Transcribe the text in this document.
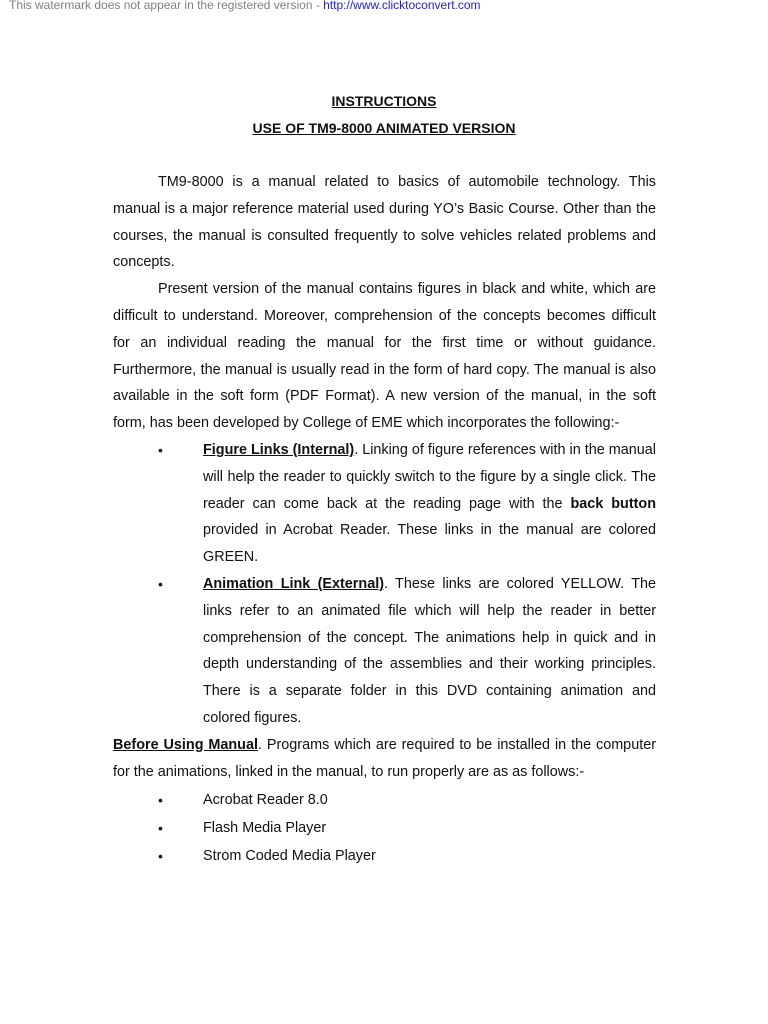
This watermark does not appear in the registered version - http://www.clicktoconvert.com
INSTRUCTIONS
USE OF TM9-8000 ANIMATED VERSION

TM9-8000 is a manual related to basics of automobile technology. This manual is a major reference material used during YO’s Basic Course. Other than the courses, the manual is consulted frequently to solve vehicles related problems and concepts.

Present version of the manual contains figures in black and white, which are difficult to understand. Moreover, comprehension of the concepts becomes difficult for an individual reading the manual for the first time or without guidance. Furthermore, the manual is usually read in the form of hard copy. The manual is also available in the soft form (PDF Format). A new version of the manual, in the soft form, has been developed by College of EME which incorporates the following:-

•	Figure Links (Internal). Linking of figure references with in the manual will help the reader to quickly switch to the figure by a single click. The reader can come back at the reading page with the back button provided in Acrobat Reader. These links in the manual are colored GREEN.
•	Animation Link (External). These links are colored YELLOW. The links refer to an animated file which will help the reader in better comprehension of the concept. The animations help in quick and in depth understanding of the assemblies and their working principles. There is a separate folder in this DVD containing animation and colored figures.

Before Using Manual. Programs which are required to be installed in the computer for the animations, linked in the manual, to run properly are as as follows:-

•	Acrobat Reader 8.0
•	Flash Media Player
•	Strom Coded Media Player
